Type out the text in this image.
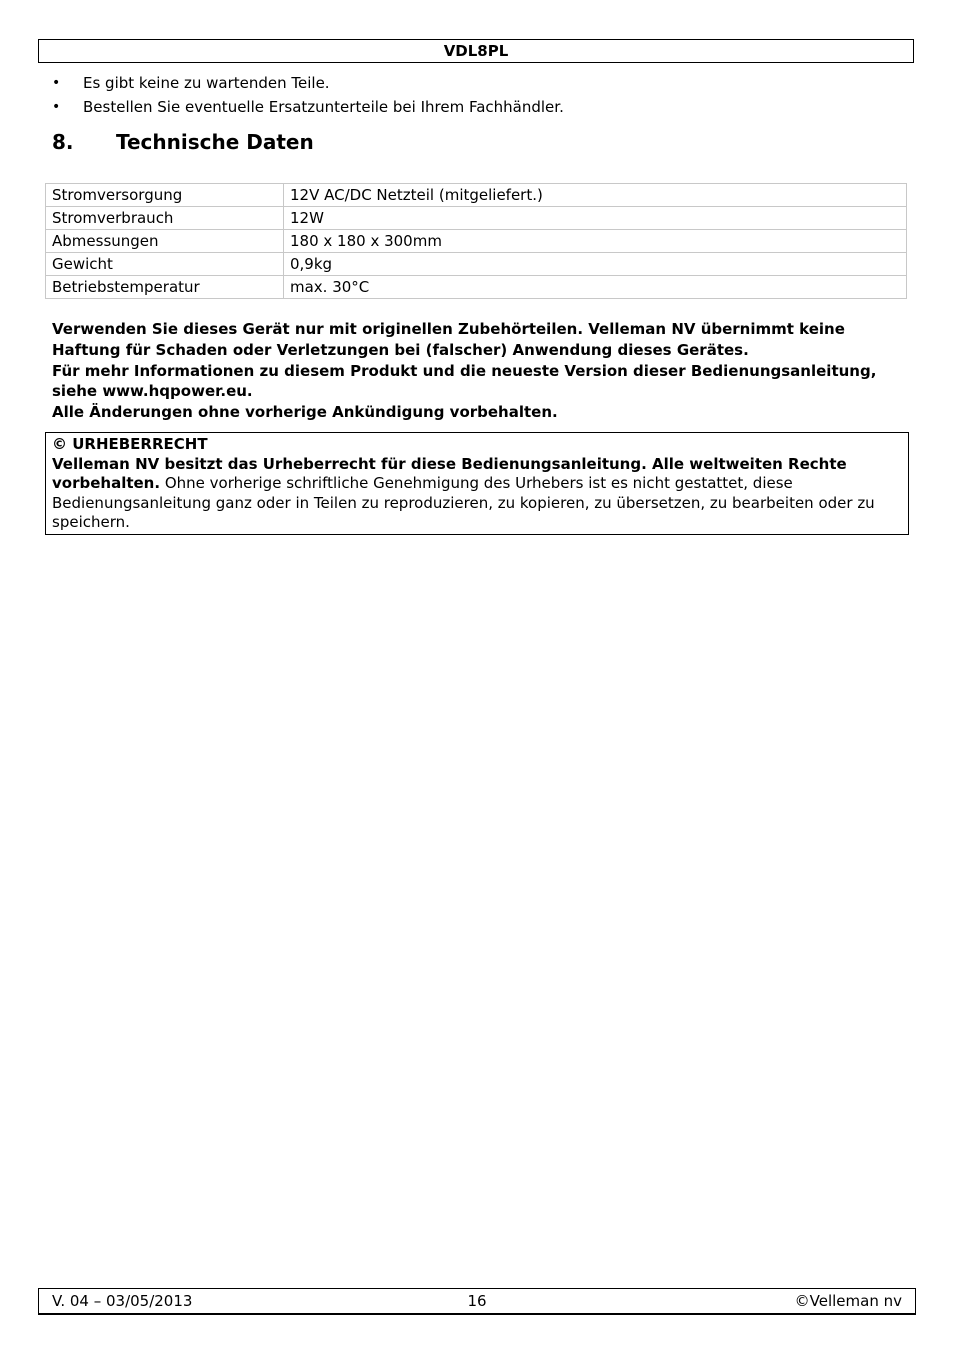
VDL8PL
• Es gibt keine zu wartenden Teile.
• Bestellen Sie eventuelle Ersatzunterteile bei Ihrem Fachhändler.
8. Technische Daten
Stromversorgung	12V AC/DC Netzteil (mitgeliefert.)
Stromverbrauch	12W
Abmessungen	180 x 180 x 300mm
Gewicht	0,9kg
Betriebstemperatur	max. 30°C

Verwenden Sie dieses Gerät nur mit originellen Zubehörteilen. Velleman NV übernimmt keine Haftung für Schaden oder Verletzungen bei (falscher) Anwendung dieses Gerätes.

Für mehr Informationen zu diesem Produkt und die neueste Version dieser Bedienungsanleitung, siehe www.hqpower.eu.

Alle Änderungen ohne vorherige Ankündigung vorbehalten.

© URHEBERRECHT
Velleman NV besitzt das Urheberrecht für diese Bedienungsanleitung. Alle weltweiten Rechte vorbehalten. Ohne vorherige schriftliche Genehmigung des Urhebers ist es nicht gestattet, diese Bedienungsanleitung ganz oder in Teilen zu reproduzieren, zu kopieren, zu übersetzen, zu bearbeiten oder zu speichern.
16
V. 04 – 03/05/2013	©Velleman nv
